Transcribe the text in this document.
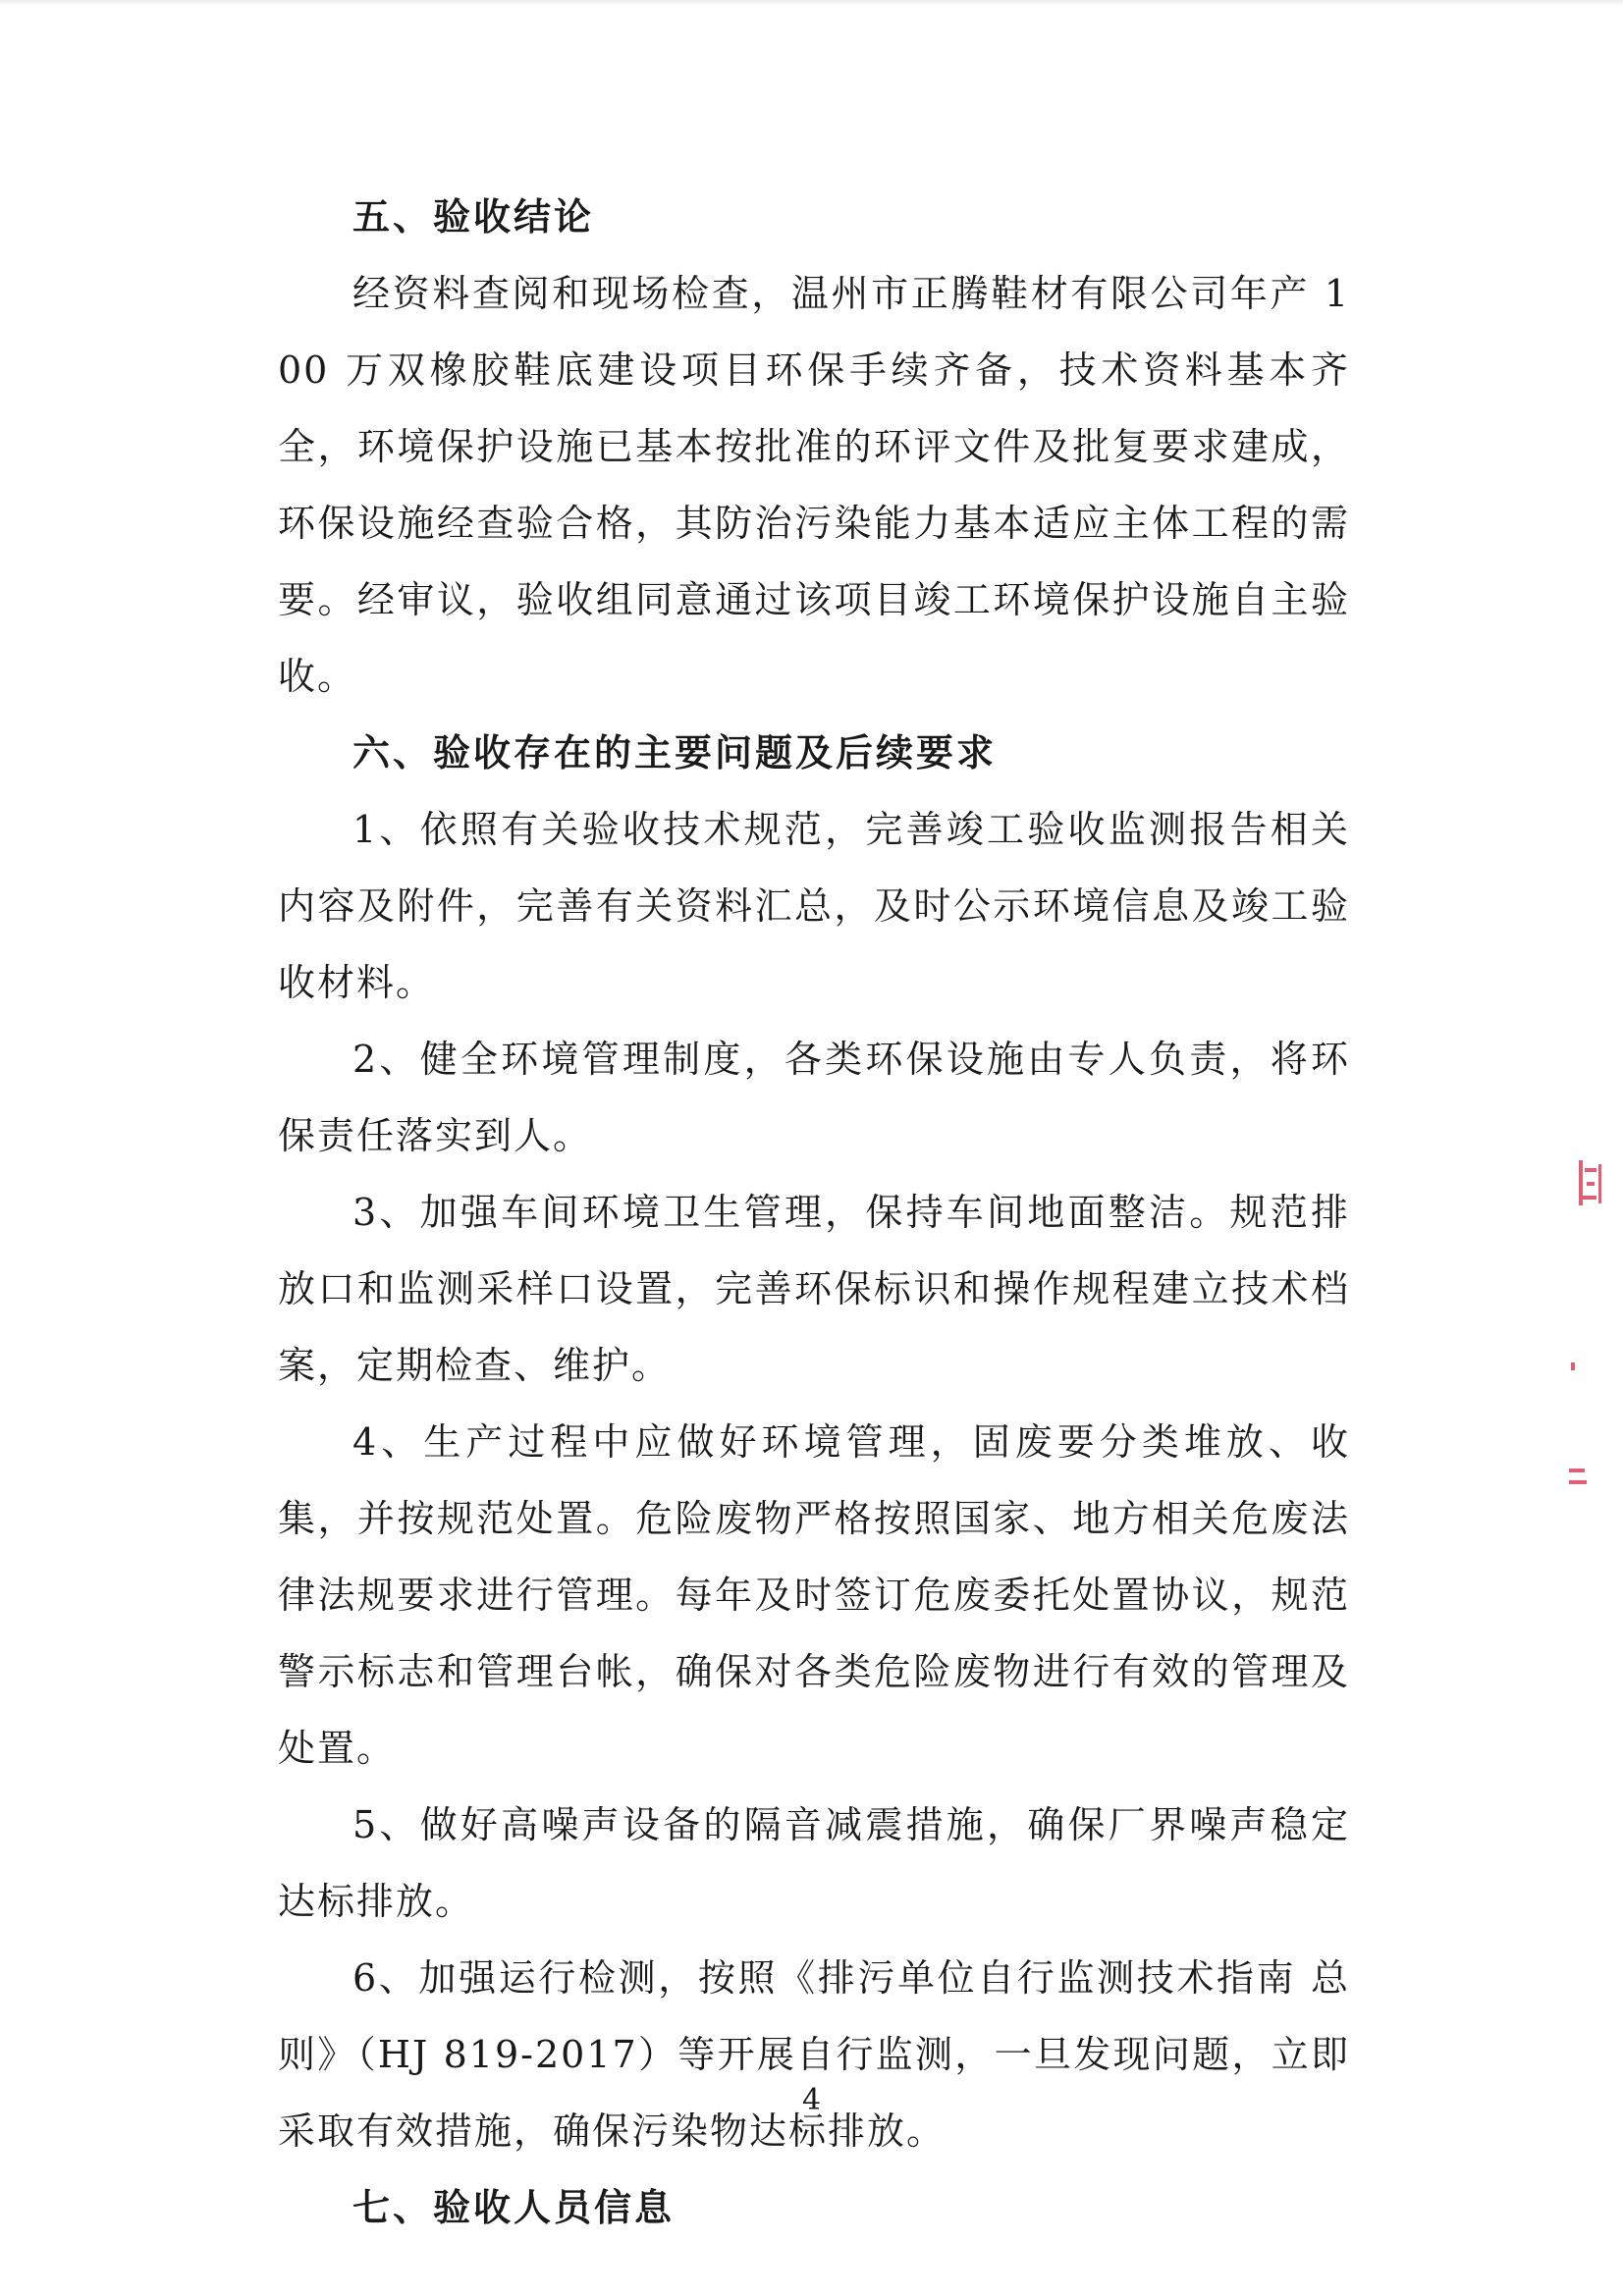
五、验收结论

经资料查阅和现场检查，温州市正腾鞋材有限公司年产 100 万双橡胶鞋底建设项目环保手续齐备，技术资料基本齐全，环境保护设施已基本按批准的环评文件及批复要求建成，环保设施经查验合格，其防治污染能力基本适应主体工程的需要。经审议，验收组同意通过该项目竣工环境保护设施自主验收。

六、验收存在的主要问题及后续要求

1、依照有关验收技术规范，完善竣工验收监测报告相关内容及附件，完善有关资料汇总，及时公示环境信息及竣工验收材料。

2、健全环境管理制度，各类环保设施由专人负责，将环保责任落实到人。

3、加强车间环境卫生管理，保持车间地面整洁。规范排放口和监测采样口设置，完善环保标识和操作规程建立技术档案，定期检查、维护。

4、生产过程中应做好环境管理，固废要分类堆放、收集，并按规范处置。危险废物严格按照国家、地方相关危废法律法规要求进行管理。每年及时签订危废委托处置协议，规范警示标志和管理台帐，确保对各类危险废物进行有效的管理及处置。

5、做好高噪声设备的隔音减震措施，确保厂界噪声稳定达标排放。

6、加强运行检测，按照《排污单位自行监测技术指南 总则》（HJ 819-2017）等开展自行监测，一旦发现问题，立即采取有效措施，确保污染物达标排放。

七、验收人员信息

4
